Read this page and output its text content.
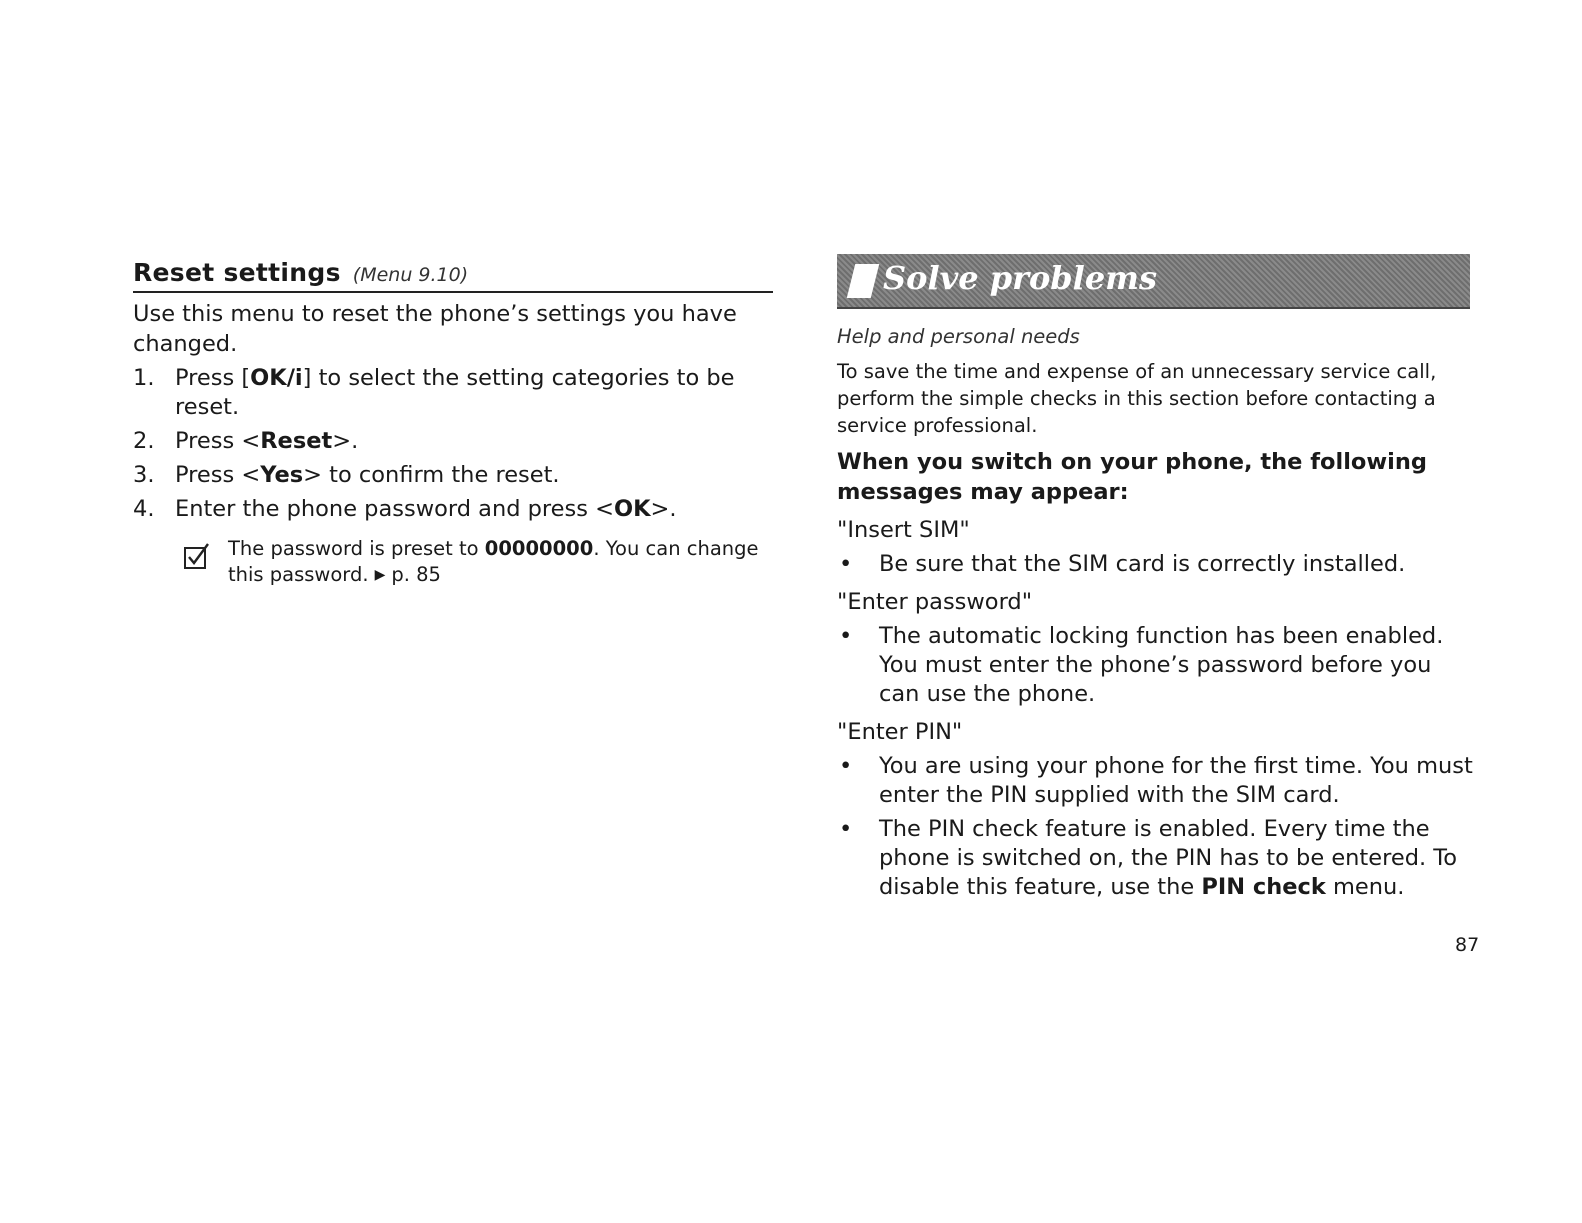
Reset settings (Menu 9.10)
Use this menu to reset the phone’s settings you have changed.
1. Press [OK/i] to select the setting categories to be reset.
2. Press <Reset>.
3. Press <Yes> to confirm the reset.
4. Enter the phone password and press <OK>.
The password is preset to 00000000. You can change this password. ▶ p. 85
Solve problems
Help and personal needs
To save the time and expense of an unnecessary service call, perform the simple checks in this section before contacting a service professional.
When you switch on your phone, the following messages may appear:
"Insert SIM"
•	Be sure that the SIM card is correctly installed.
"Enter password"
•	The automatic locking function has been enabled. You must enter the phone’s password before you can use the phone.
"Enter PIN"
•	You are using your phone for the first time. You must enter the PIN supplied with the SIM card.
•	The PIN check feature is enabled. Every time the phone is switched on, the PIN has to be entered. To disable this feature, use the PIN check menu.
87
